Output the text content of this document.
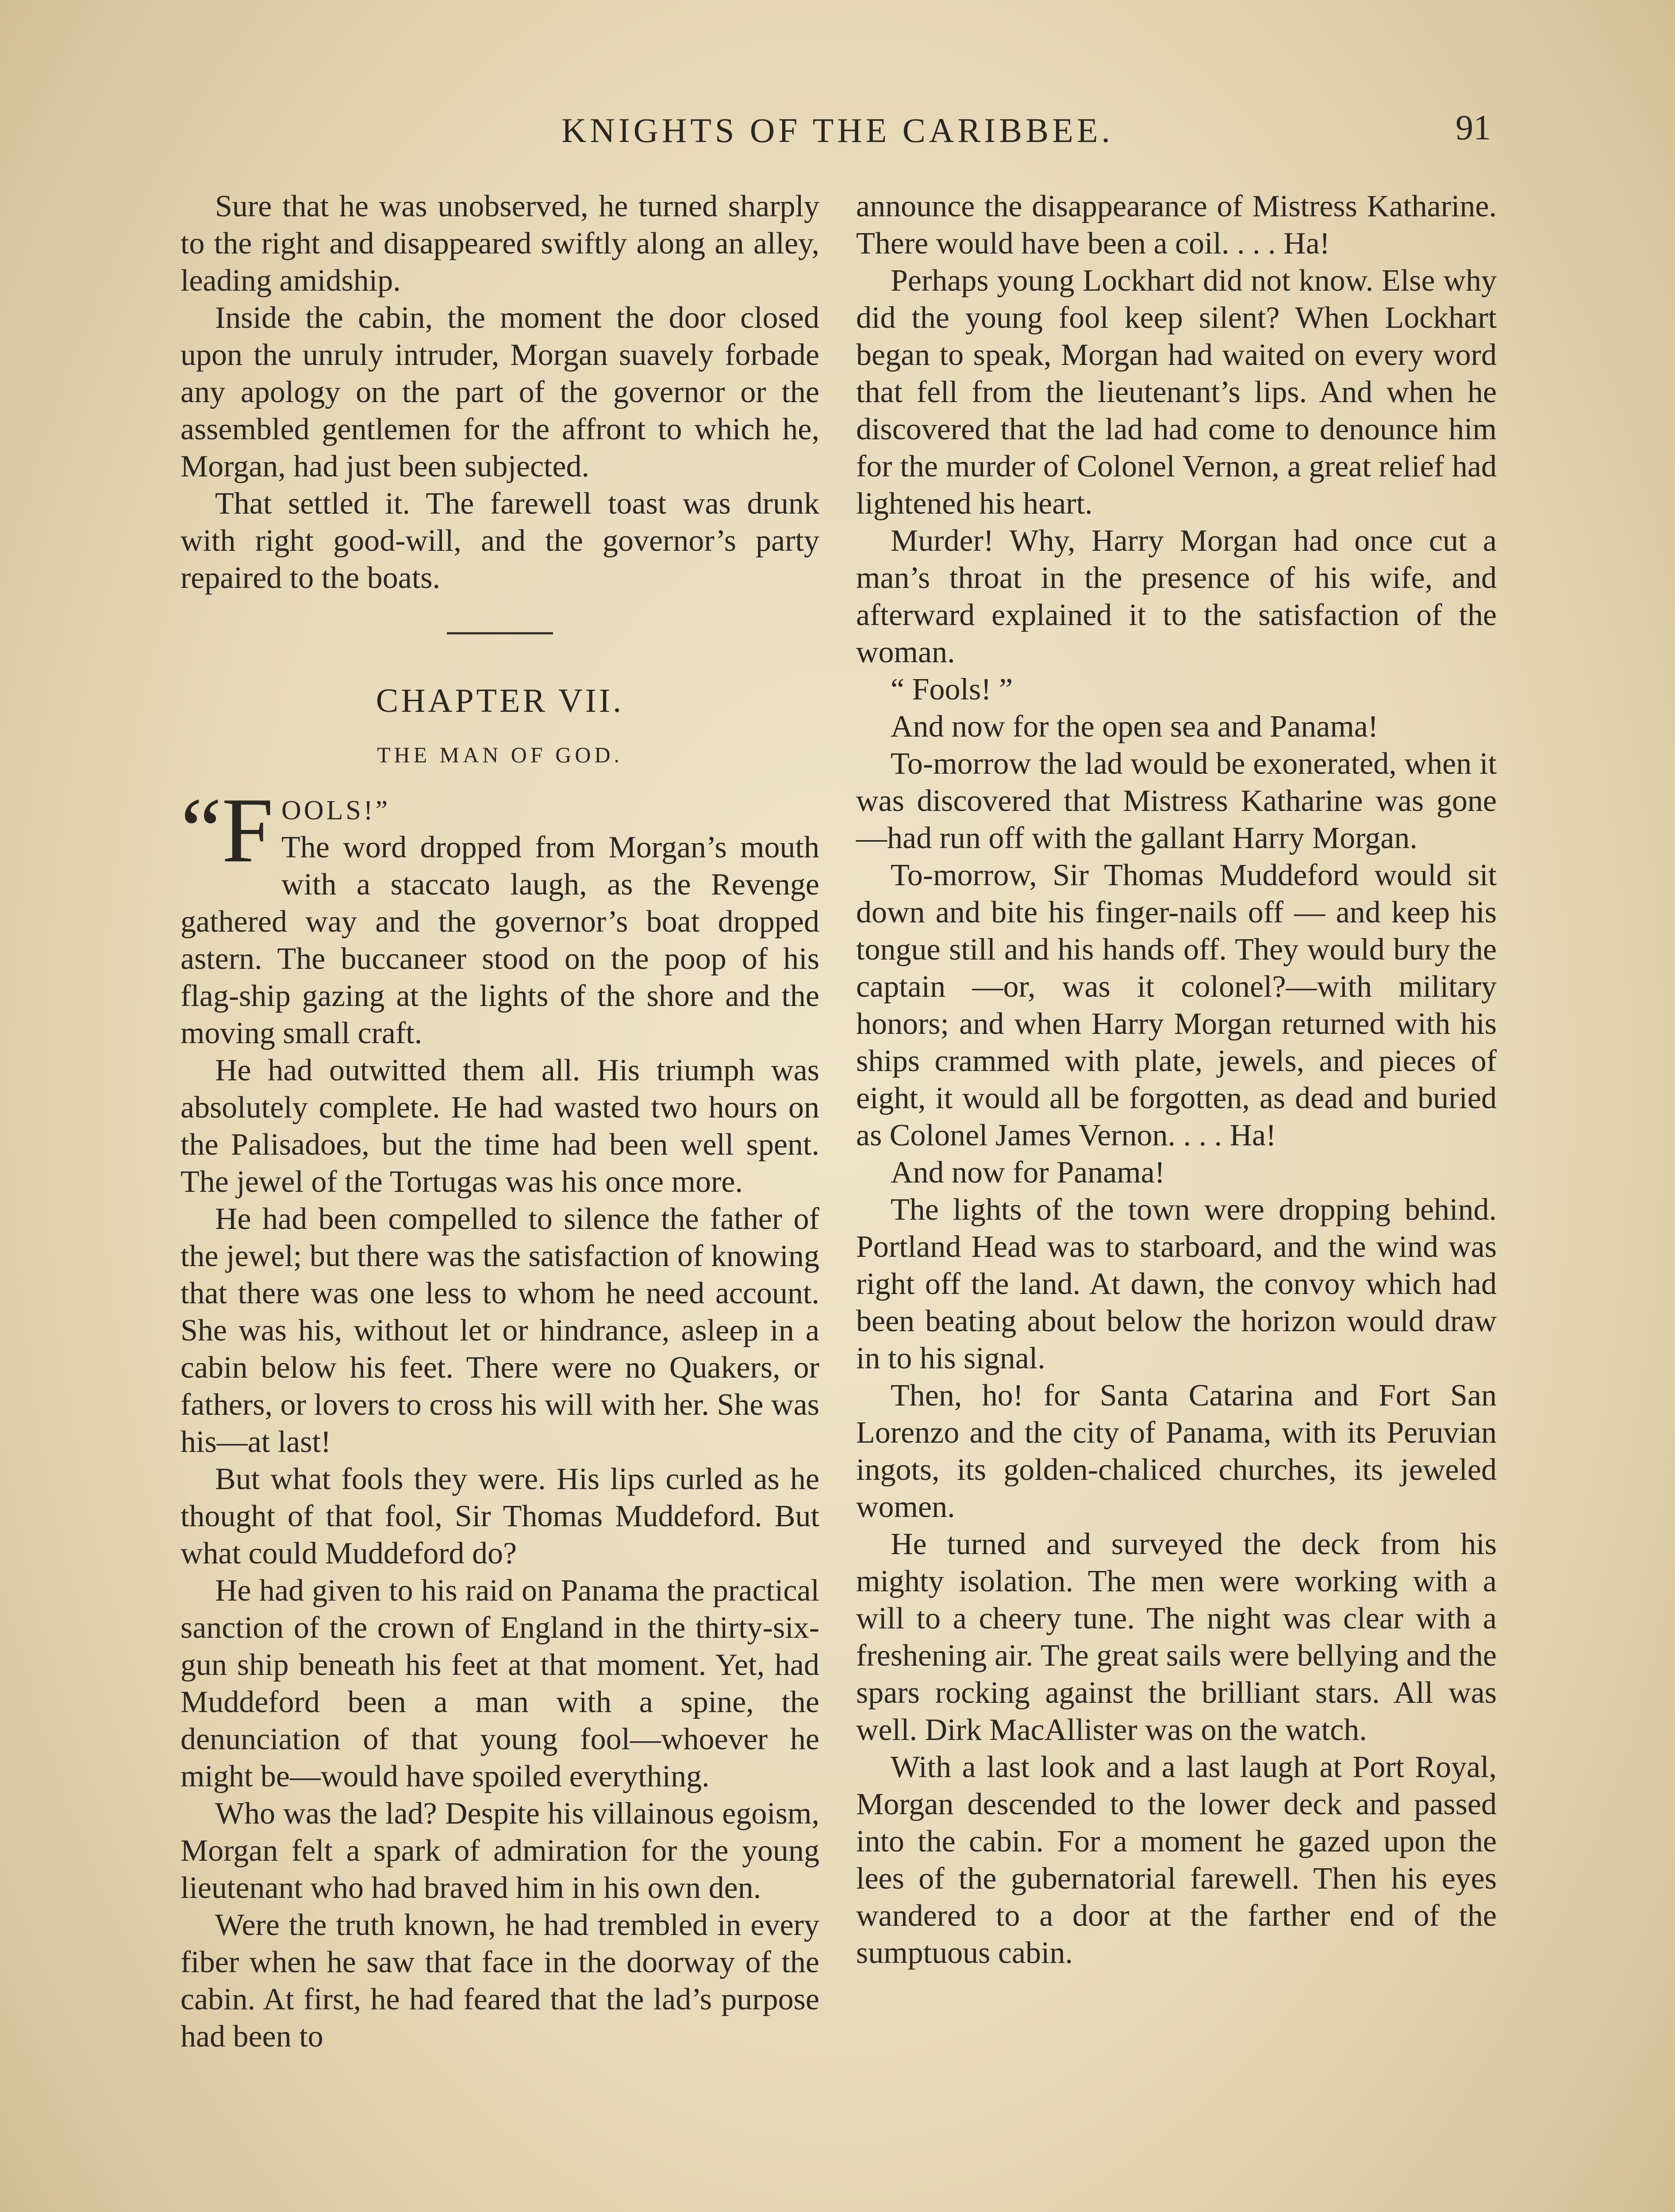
KNIGHTS OF THE CARIBBEE.	91

Sure that he was unobserved, he turned sharply to the right and disappeared swiftly along an alley, leading amidship.

Inside the cabin, the moment the door closed upon the unruly intruder, Morgan suavely forbade any apology on the part of the governor or the assembled gentlemen for the affront to which he, Morgan, had just been subjected.

That settled it. The farewell toast was drunk with right good-will, and the governor’s party repaired to the boats.

CHAPTER VII.
THE MAN OF GOD.

“F OOLS!”
The word dropped from Morgan’s mouth with a staccato laugh, as the Revenge gathered way and the governor’s boat dropped astern. The buccaneer stood on the poop of his flag-ship gazing at the lights of the shore and the moving small craft.

He had outwitted them all. His triumph was absolutely complete. He had wasted two hours on the Palisadoes, but the time had been well spent. The jewel of the Tortugas was his once more.

He had been compelled to silence the father of the jewel; but there was the satisfaction of knowing that there was one less to whom he need account. She was his, without let or hindrance, asleep in a cabin below his feet. There were no Quakers, or fathers, or lovers to cross his will with her. She was his—at last!

But what fools they were. His lips curled as he thought of that fool, Sir Thomas Muddeford. But what could Muddeford do?

He had given to his raid on Panama the practical sanction of the crown of England in the thirty-six-gun ship beneath his feet at that moment. Yet, had Muddeford been a man with a spine, the denunciation of that young fool—whoever he might be—would have spoiled everything.

Who was the lad? Despite his villainous egoism, Morgan felt a spark of admiration for the young lieutenant who had braved him in his own den.

Were the truth known, he had trembled in every fiber when he saw that face in the doorway of the cabin. At first, he had feared that the lad’s purpose had been to

announce the disappearance of Mistress Katharine. There would have been a coil. . . . Ha!

Perhaps young Lockhart did not know. Else why did the young fool keep silent? When Lockhart began to speak, Morgan had waited on every word that fell from the lieutenant’s lips. And when he discovered that the lad had come to denounce him for the murder of Colonel Vernon, a great relief had lightened his heart.

Murder! Why, Harry Morgan had once cut a man’s throat in the presence of his wife, and afterward explained it to the satisfaction of the woman.

“ Fools! ”

And now for the open sea and Panama!

To-morrow the lad would be exonerated, when it was discovered that Mistress Katharine was gone—had run off with the gallant Harry Morgan.

To-morrow, Sir Thomas Muddeford would sit down and bite his finger-nails off — and keep his tongue still and his hands off. They would bury the captain —or, was it colonel?—with military honors; and when Harry Morgan returned with his ships crammed with plate, jewels, and pieces of eight, it would all be forgotten, as dead and buried as Colonel James Vernon. . . . Ha!

And now for Panama!

The lights of the town were dropping behind. Portland Head was to starboard, and the wind was right off the land. At dawn, the convoy which had been beating about below the horizon would draw in to his signal.

Then, ho! for Santa Catarina and Fort San Lorenzo and the city of Panama, with its Peruvian ingots, its golden-chaliced churches, its jeweled women.

He turned and surveyed the deck from his mighty isolation. The men were working with a will to a cheery tune. The night was clear with a freshening air. The great sails were bellying and the spars rocking against the brilliant stars. All was well. Dirk MacAllister was on the watch.

With a last look and a last laugh at Port Royal, Morgan descended to the lower deck and passed into the cabin. For a moment he gazed upon the lees of the gubernatorial farewell. Then his eyes wandered to a door at the farther end of the sumptuous cabin.
